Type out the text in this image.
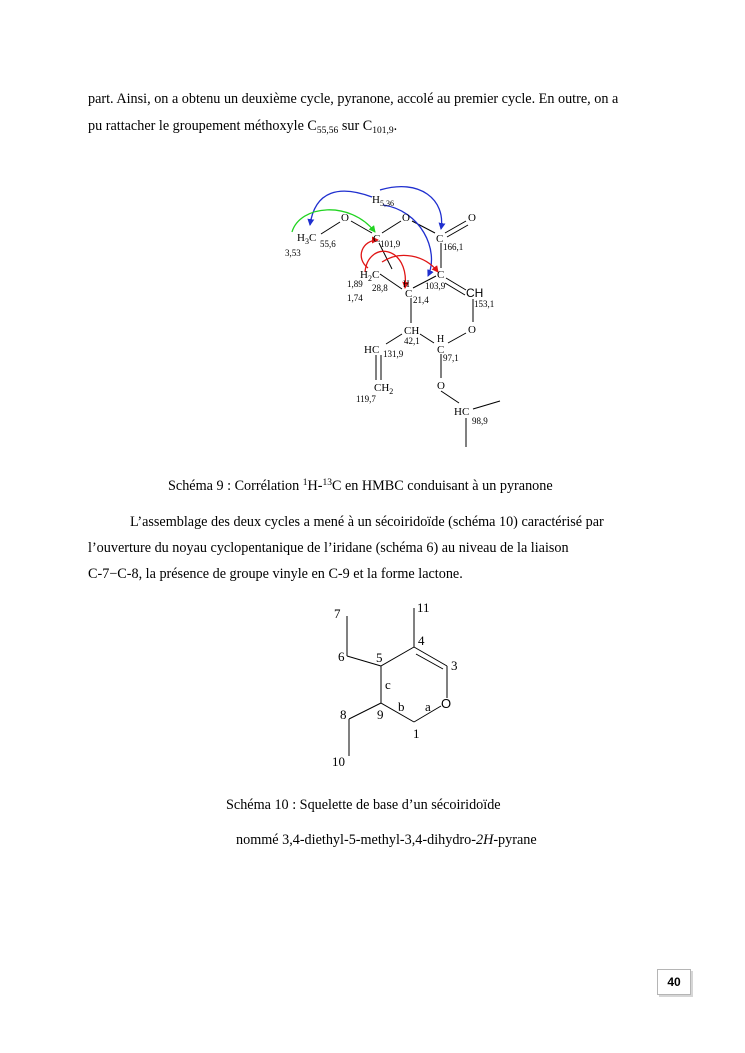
part. Ainsi, on a obtenu un deuxième cycle, pyranone, accolé au premier cycle. En outre, on a

pu rattacher le groupement méthoxyle $C_{55,56}$ sur $C_{101,9}$.

$H_{5,36}$
O	O	O
$H_3C$	C	C
$H_2C$
H
C
C
CH
CH	O
H
C
HC
$CH_2$	O
HC
55,6
3,53
101,9	166,1
1,89
1,74
28,8	103,9
21,4	153,1
42,1
97,1
131,9
119,7
98,9

Schéma 9 : Corrélation $^1$H-$^{13}$C en HMBC conduisant à un pyranone

L’assemblage des deux cycles a mené à un sécoiridoïde (schéma 10) caractérisé par

l’ouverture du noyau cyclopentanique de l’iridane (schéma 6) au niveau de la liaison

C-7−C-8, la présence de groupe vinyle en C-9 et la forme lactone.

7	11
4
3
6 5
c
8 9
b a O
1
10

Schéma 10 : Squelette de base d’un sécoiridoïde

nommé 3,4-diethyl-5-methyl-3,4-dihydro-2H-pyrane

40
